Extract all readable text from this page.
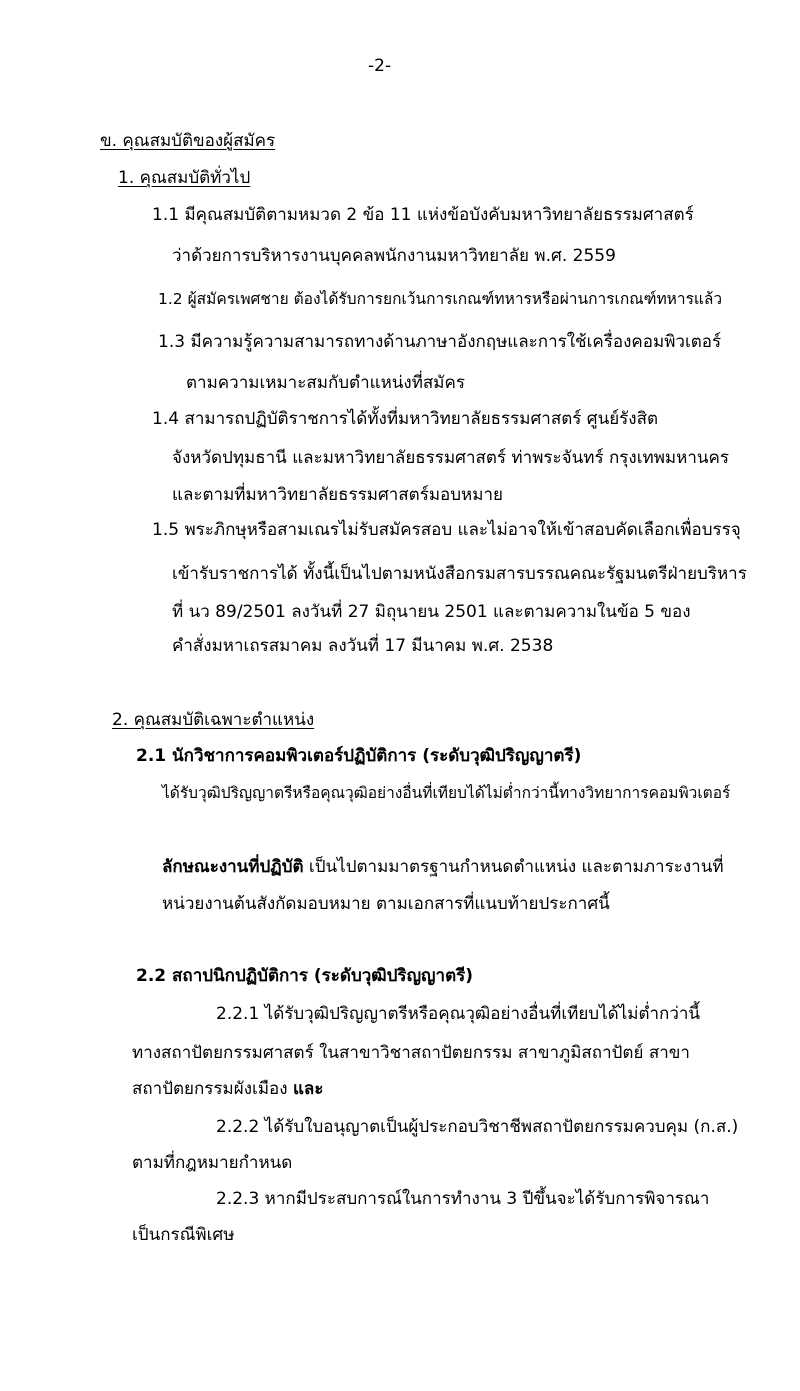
-2-
ข. คุณสมบัติของผู้สมัคร
1. คุณสมบัติทั่วไป
1.1 มีคุณสมบัติตามหมวด 2 ข้อ 11 แห่งข้อบังคับมหาวิทยาลัยธรรมศาสตร์
ว่าด้วยการบริหารงานบุคคลพนักงานมหาวิทยาลัย พ.ศ. 2559
1.2 ผู้สมัครเพศชาย ต้องได้รับการยกเว้นการเกณฑ์ทหารหรือผ่านการเกณฑ์ทหารแล้ว
1.3 มีความรู้ความสามารถทางด้านภาษาอังกฤษและการใช้เครื่องคอมพิวเตอร์
ตามความเหมาะสมกับตำแหน่งที่สมัคร
1.4 สามารถปฏิบัติราชการได้ทั้งที่มหาวิทยาลัยธรรมศาสตร์ ศูนย์รังสิต
จังหวัดปทุมธานี และมหาวิทยาลัยธรรมศาสตร์ ท่าพระจันทร์ กรุงเทพมหานคร
และตามที่มหาวิทยาลัยธรรมศาสตร์มอบหมาย
1.5 พระภิกษุหรือสามเณรไม่รับสมัครสอบ และไม่อาจให้เข้าสอบคัดเลือกเพื่อบรรจุ
เข้ารับราชการได้ ทั้งนี้เป็นไปตามหนังสือกรมสารบรรณคณะรัฐมนตรีฝ่ายบริหาร
ที่ นว 89/2501 ลงวันที่ 27 มิถุนายน 2501 และตามความในข้อ 5 ของ
คำสั่งมหาเถรสมาคม ลงวันที่ 17 มีนาคม พ.ศ. 2538
2. คุณสมบัติเฉพาะตำแหน่ง
2.1 นักวิชาการคอมพิวเตอร์ปฏิบัติการ (ระดับวุฒิปริญญาตรี)
ได้รับวุฒิปริญญาตรีหรือคุณวุฒิอย่างอื่นที่เทียบได้ไม่ต่ำกว่านี้ทางวิทยาการคอมพิวเตอร์
ลักษณะงานที่ปฏิบัติ เป็นไปตามมาตรฐานกำหนดตำแหน่ง และตามภาระงานที่
หน่วยงานต้นสังกัดมอบหมาย ตามเอกสารที่แนบท้ายประกาศนี้
2.2 สถาปนิกปฏิบัติการ (ระดับวุฒิปริญญาตรี)
2.2.1 ได้รับวุฒิปริญญาตรีหรือคุณวุฒิอย่างอื่นที่เทียบได้ไม่ต่ำกว่านี้
ทางสถาปัตยกรรมศาสตร์ ในสาขาวิชาสถาปัตยกรรม สาขาภูมิสถาปัตย์ สาขา
สถาปัตยกรรมผังเมือง และ
2.2.2 ได้รับใบอนุญาตเป็นผู้ประกอบวิชาชีพสถาปัตยกรรมควบคุม (ก.ส.)
ตามที่กฎหมายกำหนด
2.2.3 หากมีประสบการณ์ในการทำงาน 3 ปีขึ้นจะได้รับการพิจารณา
เป็นกรณีพิเศษ
